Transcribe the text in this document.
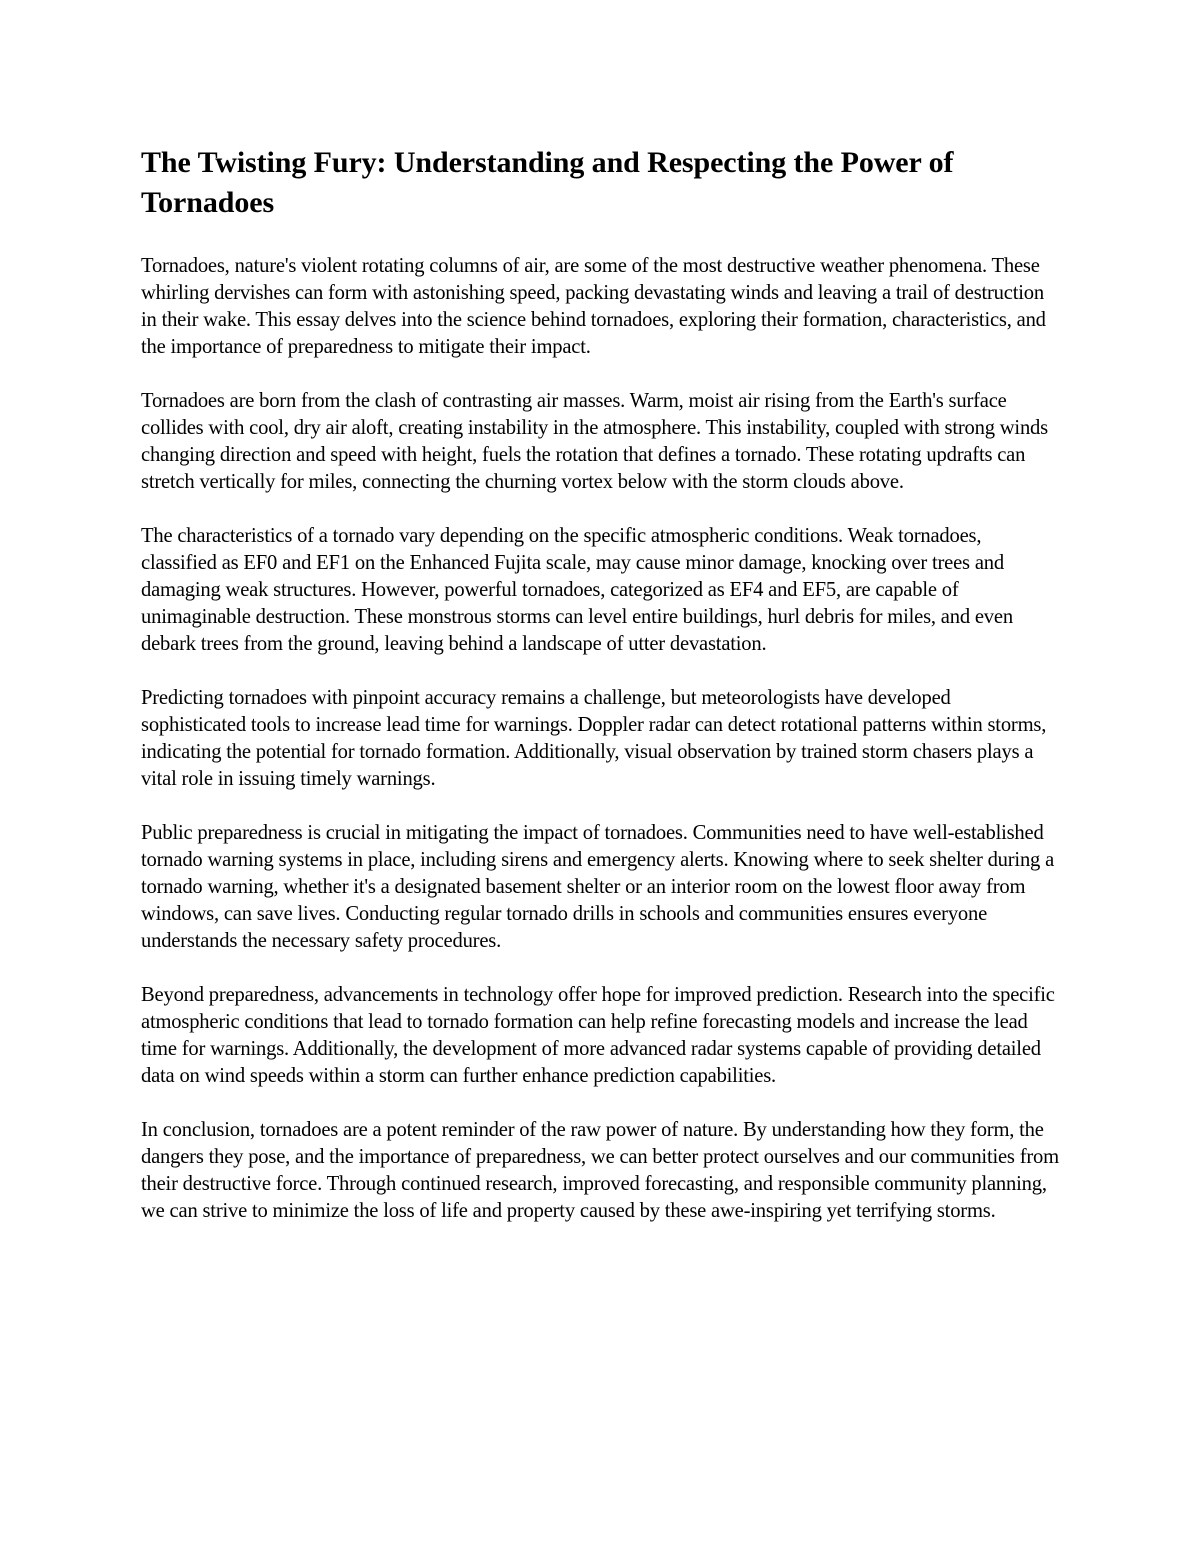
The Twisting Fury: Understanding and Respecting the Power of Tornadoes

Tornadoes, nature's violent rotating columns of air, are some of the most destructive weather phenomena. These whirling dervishes can form with astonishing speed, packing devastating winds and leaving a trail of destruction in their wake. This essay delves into the science behind tornadoes, exploring their formation, characteristics, and the importance of preparedness to mitigate their impact.

Tornadoes are born from the clash of contrasting air masses. Warm, moist air rising from the Earth's surface collides with cool, dry air aloft, creating instability in the atmosphere. This instability, coupled with strong winds changing direction and speed with height, fuels the rotation that defines a tornado. These rotating updrafts can stretch vertically for miles, connecting the churning vortex below with the storm clouds above.

The characteristics of a tornado vary depending on the specific atmospheric conditions. Weak tornadoes, classified as EF0 and EF1 on the Enhanced Fujita scale, may cause minor damage, knocking over trees and damaging weak structures. However, powerful tornadoes, categorized as EF4 and EF5, are capable of unimaginable destruction. These monstrous storms can level entire buildings, hurl debris for miles, and even debark trees from the ground, leaving behind a landscape of utter devastation.

Predicting tornadoes with pinpoint accuracy remains a challenge, but meteorologists have developed sophisticated tools to increase lead time for warnings. Doppler radar can detect rotational patterns within storms, indicating the potential for tornado formation. Additionally, visual observation by trained storm chasers plays a vital role in issuing timely warnings.

Public preparedness is crucial in mitigating the impact of tornadoes. Communities need to have well-established tornado warning systems in place, including sirens and emergency alerts. Knowing where to seek shelter during a tornado warning, whether it's a designated basement shelter or an interior room on the lowest floor away from windows, can save lives. Conducting regular tornado drills in schools and communities ensures everyone understands the necessary safety procedures.

Beyond preparedness, advancements in technology offer hope for improved prediction. Research into the specific atmospheric conditions that lead to tornado formation can help refine forecasting models and increase the lead time for warnings. Additionally, the development of more advanced radar systems capable of providing detailed data on wind speeds within a storm can further enhance prediction capabilities.

In conclusion, tornadoes are a potent reminder of the raw power of nature. By understanding how they form, the dangers they pose, and the importance of preparedness, we can better protect ourselves and our communities from their destructive force. Through continued research, improved forecasting, and responsible community planning, we can strive to minimize the loss of life and property caused by these awe-inspiring yet terrifying storms.
